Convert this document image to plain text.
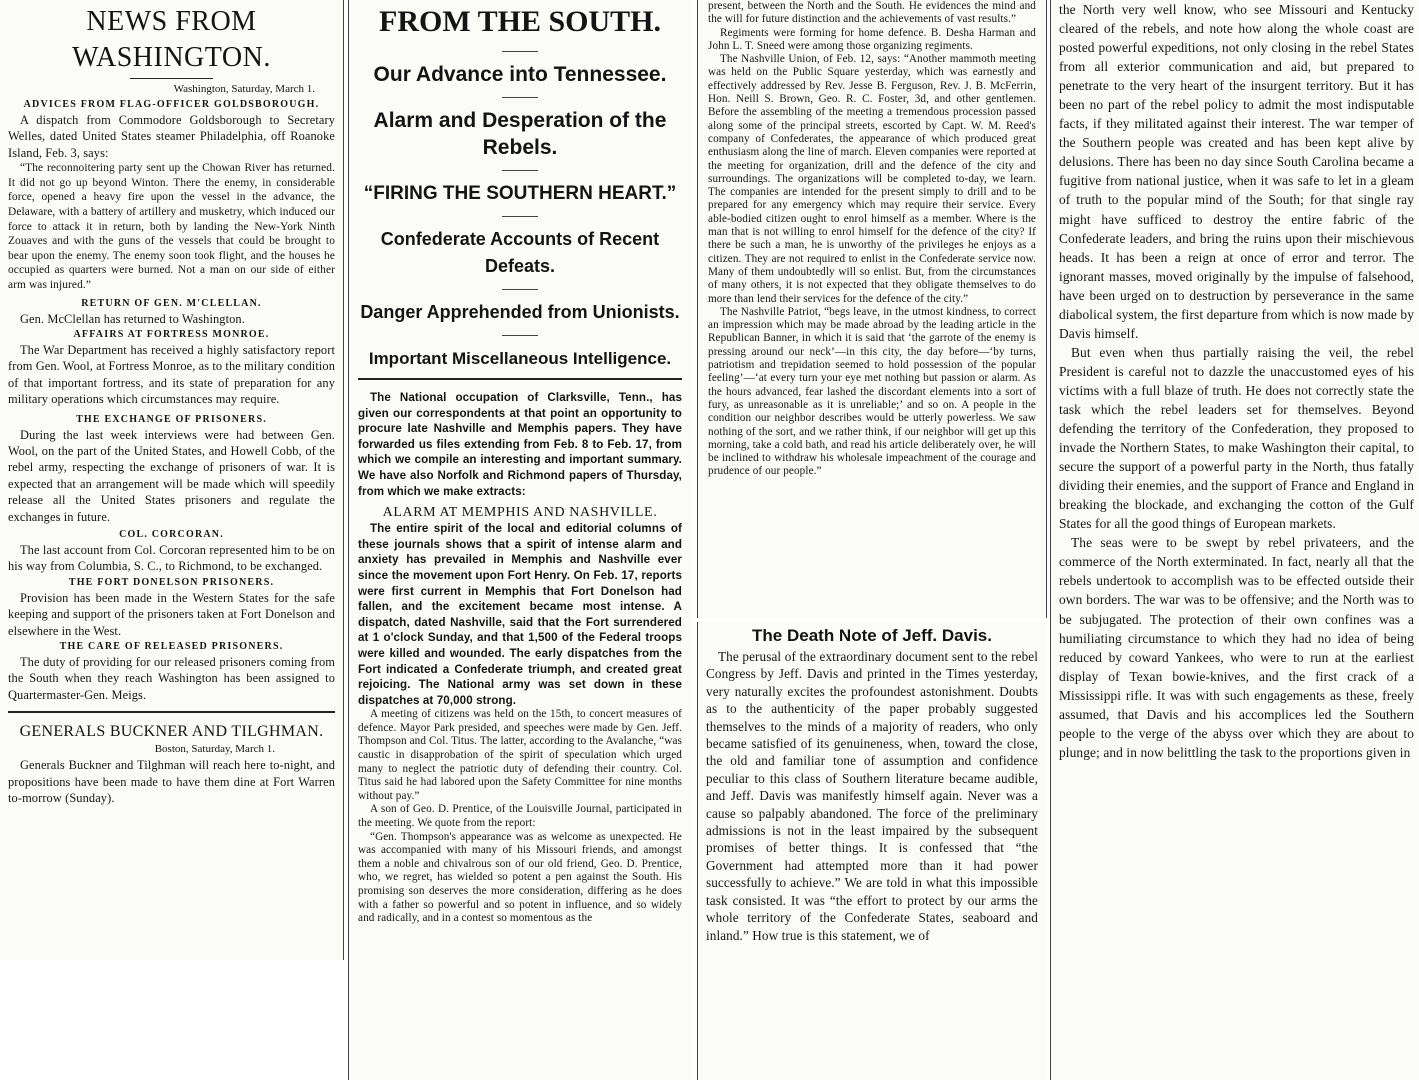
NEWS FROM WASHINGTON.
Washington, Saturday, March 1.
ADVICES FROM FLAG-OFFICER GOLDSBOROUGH.

A dispatch from Commodore Goldsborough to Secretary Welles, dated United States steamer Philadelphia, off Roanoke Island, Feb. 3, says:

“The reconnoitering party sent up the Chowan River has returned. It did not go up beyond Winton. There the enemy, in considerable force, opened a heavy fire upon the vessel in the advance, the Delaware, with a battery of artillery and musketry, which induced our force to attack it in return, both by landing the New-York Ninth Zouaves and with the guns of the vessels that could be brought to bear upon the enemy. The enemy soon took flight, and the houses he occupied as quarters were burned. Not a man on our side of either arm was injured.”

RETURN OF GEN. M'CLELLAN.

Gen. McClellan has returned to Washington.

AFFAIRS AT FORTRESS MONROE.

The War Department has received a highly satisfactory report from Gen. Wool, at Fortress Monroe, as to the military condition of that important fortress, and its state of preparation for any military operations which circumstances may require.

THE EXCHANGE OF PRISONERS.

During the last week interviews were had between Gen. Wool, on the part of the United States, and Howell Cobb, of the rebel army, respecting the exchange of prisoners of war. It is expected that an arrangement will be made which will speedily release all the United States prisoners and regulate the exchanges in future.

COL. CORCORAN.

The last account from Col. Corcoran represented him to be on his way from Columbia, S. C., to Richmond, to be exchanged.

THE FORT DONELSON PRISONERS.

Provision has been made in the Western States for the safe keeping and support of the prisoners taken at Fort Donelson and elsewhere in the West.

THE CARE OF RELEASED PRISONERS.

The duty of providing for our released prisoners coming from the South when they reach Washington has been assigned to Quartermaster-Gen. Meigs.

GENERALS BUCKNER AND TILGHMAN.
Boston, Saturday, March 1.

Generals Buckner and Tilghman will reach here to-night, and propositions have been made to have them dine at Fort Warren to-morrow (Sunday).

FROM THE SOUTH.
Our Advance into Tennessee.
Alarm and Desperation of the Rebels.
“FIRING THE SOUTHERN HEART.”
Confederate Accounts of Recent Defeats.
Danger Apprehended from Unionists.
Important Miscellaneous Intelligence.

The National occupation of Clarksville, Tenn., has given our correspondents at that point an opportunity to procure late Nashville and Memphis papers. They have forwarded us files extending from Feb. 8 to Feb. 17, from which we compile an interesting and important summary. We have also Norfolk and Richmond papers of Thursday, from which we make extracts:

ALARM AT MEMPHIS AND NASHVILLE.

The entire spirit of the local and editorial columns of these journals shows that a spirit of intense alarm and anxiety has prevailed in Memphis and Nashville ever since the movement upon Fort Henry. On Feb. 17, reports were first current in Memphis that Fort Donelson had fallen, and the excitement became most intense. A dispatch, dated Nashville, said that the Fort surrendered at 1 o'clock Sunday, and that 1,500 of the Federal troops were killed and wounded. The early dispatches from the Fort indicated a Confederate triumph, and created great rejoicing. The National army was set down in these dispatches at 70,000 strong.

A meeting of citizens was held on the 15th, to concert measures of defence. Mayor Park presided, and speeches were made by Gen. Jeff. Thompson and Col. Titus. The latter, according to the Avalanche, “was caustic in disapprobation of the spirit of speculation which urged many to neglect the patriotic duty of defending their country. Col. Titus said he had labored upon the Safety Committee for nine months without pay.”

A son of Geo. D. Prentice, of the Louisville Journal, participated in the meeting. We quote from the report:

“Gen. Thompson's appearance was as welcome as unexpected. He was accompanied with many of his Missouri friends, and amongst them a noble and chivalrous son of our old friend, Geo. D. Prentice, who, we regret, has wielded so potent a pen against the South. His promising son deserves the more consideration, differing as he does with a father so powerful and so potent in influence, and so widely and radically, and in a contest so momentous as the

present, between the North and the South. He evidences the mind and the will for future distinction and the achievements of vast results.”

Regiments were forming for home defence. B. Desha Harman and John L. T. Sneed were among those organizing regiments.

The Nashville Union, of Feb. 12, says: “Another mammoth meeting was held on the Public Square yesterday, which was earnestly and effectively addressed by Rev. Jesse B. Ferguson, Rev. J. B. McFerrin, Hon. Neill S. Brown, Geo. R. C. Foster, 3d, and other gentlemen. Before the assembling of the meeting a tremendous procession passed along some of the principal streets, escorted by Capt. W. M. Reed's company of Confederates, the appearance of which produced great enthusiasm along the line of march. Eleven companies were reported at the meeting for organization, drill and the defence of the city and surroundings. The organizations will be completed to-day, we learn. The companies are intended for the present simply to drill and to be prepared for any emergency which may require their service. Every able-bodied citizen ought to enrol himself as a member. Where is the man that is not willing to enrol himself for the defence of the city? If there be such a man, he is unworthy of the privileges he enjoys as a citizen. They are not required to enlist in the Confederate service now. Many of them undoubtedly will so enlist. But, from the circumstances of many others, it is not expected that they obligate themselves to do more than lend their services for the defence of the city.”

The Nashville Patriot, “begs leave, in the utmost kindness, to correct an impression which may be made abroad by the leading article in the Republican Banner, in which it is said that ‘the garrote of the enemy is pressing around our neck’—in this city, the day before—‘by turns, patriotism and trepidation seemed to hold possession of the popular feeling’—‘at every turn your eye met nothing but passion or alarm. As the hours advanced, fear lashed the discordant elements into a sort of fury, as unreasonable as it is unreliable;’ and so on. A people in the condition our neighbor describes would be utterly powerless. We saw nothing of the sort, and we rather think, if our neighbor will get up this morning, take a cold bath, and read his article deliberately over, he will be inclined to withdraw his wholesale impeachment of the courage and prudence of our people.”

The Death Note of Jeff. Davis.

The perusal of the extraordinary document sent to the rebel Congress by Jeff. Davis and printed in the Times yesterday, very naturally excites the profoundest astonishment. Doubts as to the authenticity of the paper probably suggested themselves to the minds of a majority of readers, who only became satisfied of its genuineness, when, toward the close, the old and familiar tone of assumption and confidence peculiar to this class of Southern literature became audible, and Jeff. Davis was manifestly himself again. Never was a cause so palpably abandoned. The force of the preliminary admissions is not in the least impaired by the subsequent promises of better things. It is confessed that “the Government had attempted more than it had power successfully to achieve.” We are told in what this impossible task consisted. It was “the effort to protect by our arms the whole territory of the Confederate States, seaboard and inland.” How true is this statement, we of

the North very well know, who see Missouri and Kentucky cleared of the rebels, and note how along the whole coast are posted powerful expeditions, not only closing in the rebel States from all exterior communication and aid, but prepared to penetrate to the very heart of the insurgent territory. But it has been no part of the rebel policy to admit the most indisputable facts, if they militated against their interest. The war temper of the Southern people was created and has been kept alive by delusions. There has been no day since South Carolina became a fugitive from national justice, when it was safe to let in a gleam of truth to the popular mind of the South; for that single ray might have sufficed to destroy the entire fabric of the Confederate leaders, and bring the ruins upon their mischievous heads. It has been a reign at once of error and terror. The ignorant masses, moved originally by the impulse of falsehood, have been urged on to destruction by perseverance in the same diabolical system, the first departure from which is now made by Davis himself.

But even when thus partially raising the veil, the rebel President is careful not to dazzle the unaccustomed eyes of his victims with a full blaze of truth. He does not correctly state the task which the rebel leaders set for themselves. Beyond defending the territory of the Confederation, they proposed to invade the Northern States, to make Washington their capital, to secure the support of a powerful party in the North, thus fatally dividing their enemies, and the support of France and England in breaking the blockade, and exchanging the cotton of the Gulf States for all the good things of European markets.

The seas were to be swept by rebel privateers, and the commerce of the North exterminated. In fact, nearly all that the rebels undertook to accomplish was to be effected outside their own borders. The war was to be offensive; and the North was to be subjugated. The protection of their own confines was a humiliating circumstance to which they had no idea of being reduced by coward Yankees, who were to run at the earliest display of Texan bowie-knives, and the first crack of a Mississippi rifle. It was with such engagements as these, freely assumed, that Davis and his accomplices led the Southern people to the verge of the abyss over which they are about to plunge; and in now belittling the task to the proportions given in
